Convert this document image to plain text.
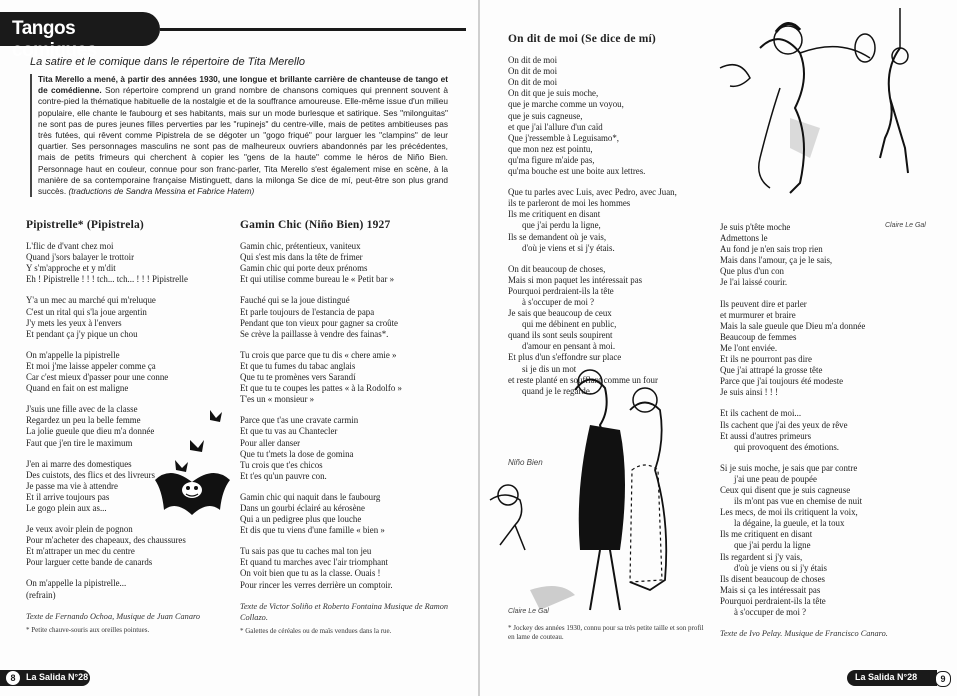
Tangos comiques
La satire et le comique dans le répertoire de Tita Merello
Tita Merello a mené, à partir des années 1930, une longue et brillante carrière de chanteuse de tango et de comédienne. Son répertoire comprend un grand nombre de chansons comiques qui prennent souvent à contre-pied la thématique habituelle de la nostalgie et de la souffrance amoureuse. Elle-même issue d'un milieu populaire, elle chante le faubourg et ses habitants, mais sur un mode burlesque et satirique. Ses "milonguitas" ne sont pas de pures jeunes filles perverties par les "rupinejs" du centre-ville, mais de petites ambitieuses pas très futées, qui rêvent comme Pipistrela de se dégoter un "gogo friqué" pour larguer les "clampins" de leur quartier. Ses personnages masculins ne sont pas de malheureux ouvriers abandonnés par les précédentes, mais de petits frimeurs qui cherchent à copier les "gens de la haute" comme le héros de Niño Bien. Personnage haut en couleur, connue pour son franc-parler, Tita Merello s'est également mise en scène, à la manière de sa contemporaine française Mistinguett, dans la milonga Se dice de mí, peut-être son plus grand succès. (traductions de Sandra Messina et Fabrice Hatem)
Pipistrelle* (Pipistrela)
L'flic de d'vant chez moi
Quand j'sors balayer le trottoir
Y s'm'approche et y m'dit
Eh ! Pipistrelle ! ! ! tch... tch... ! ! ! Pipistrelle
Y'a un mec au marché qui m'reluque
C'est un rital qui s'la joue argentin
J'y mets les yeux à l'envers
Et pendant ça j'y pique un chou
On m'appelle la pipistrelle
Et moi j'me laisse appeler comme ça
Car c'est mieux d'passer pour une conne
Quand en fait on est maligne
J'suis une fille avec de la classe
Regardez un peu la belle femme
La jolie gueule que dieu m'a donnée
Faut que j'en tire le maximum
J'en ai marre des domestiques
Des cuistots, des flics et des livreurs
Je passe ma vie à attendre
Et il arrive toujours pas
Le gogo plein aux as...
Je veux avoir plein de pognon
Pour m'acheter des chapeaux, des chaussures
Et m'attraper un mec du centre
Pour larguer cette bande de canards
On m'appelle la pipistrelle...
(refrain)
Texte de Fernando Ochoa, Musique de Juan Canaro
* Petite chauve-souris aux oreilles pointues.
Gamin Chic (Niño Bien) 1927
Gamin chic, prétentieux, vaniteux
Qui s'est mis dans la tête de frimer
Gamin chic qui porte deux prénoms
Et qui utilise comme bureau le « Petit bar »
Fauché qui se la joue distingué
Et parle toujours de l'estancia de papa
Pendant que ton vieux pour gagner sa croûte
Se crève la paillasse à vendre des fainas*.
Tu crois que parce que tu dis « chere amie »
Et que tu fumes du tabac anglais
Que tu te promènes vers Sarandí
Et que tu te coupes les pattes « à la Rodolfo »
T'es un « monsieur »
Parce que t'as une cravate carmin
Et que tu vas au Chantecler
Pour aller danser
Que tu t'mets la dose de gomina
Tu crois que t'es chicos
Et t'es qu'un pauvre con.
Gamin chic qui naquit dans le faubourg
Dans un gourbi éclairé au kérosène
Qui a un pedigree plus que louche
Et dis que tu viens d'une famille « bien »
Tu sais pas que tu caches mal ton jeu
Et quand tu marches avec l'air triomphant
On voit bien que tu as la classe. Ouais !
Pour rincer les verres derrière un comptoir.
Texte de Victor Soliño et Roberto Fontaina Musique de Ramon Collazo.
* Galettes de céréales ou de maïs vendues dans la rue.
8	La Salida N°28
On dit de moi (Se dice de mí)
On dit de moi
On dit de moi
On dit de moi
On dit que je suis moche,
que je marche comme un voyou,
que je suis cagneuse,
et que j'ai l'allure d'un caïd
Que j'ressemble à Leguisamo*,
que mon nez est pointu,
qu'ma figure m'aide pas,
qu'ma bouche est une boite aux lettres.
Que tu parles avec Luis, avec Pedro, avec Juan,
ils te parleront de moi les hommes
Ils me critiquent en disant
que j'ai perdu la ligne,
Ils se demandent où je vais,
d'où je viens et si j'y étais.
On dit beaucoup de choses,
Mais si mon paquet les intéressait pas
Pourquoi perdraient-ils la tête
à s'occuper de moi ?
Je sais que beaucoup de ceux
qui me débinent en public,
quand ils sont seuls soupirent
d'amour en pensant à moi.
Et plus d'un s'effondre sur place
si je dis un mot
et reste planté en soufflant comme un four
quand je le regarde.
Je suis p'tête moche
Admettons le
Au fond je n'en sais trop rien
Mais dans l'amour, ça je le sais,
Que plus d'un con
Je l'ai laissé courir.
Ils peuvent dire et parler
et murmurer et braire
Mais la sale gueule que Dieu m'a donnée
Beaucoup de femmes
Me l'ont enviée.
Et ils ne pourront pas dire
Que j'ai attrapé la grosse tête
Parce que j'ai toujours été modeste
Je suis ainsi ! ! !
Et ils cachent de moi...
Ils cachent que j'ai des yeux de rêve
Et aussi d'autres primeurs
qui provoquent des émotions.
Si je suis moche, je sais que par contre
j'ai une peau de poupée
Ceux qui disent que je suis cagneuse
ils m'ont pas vue en chemise de nuit
Les mecs, de moi ils critiquent la voix,
la dégaine, la gueule, et la toux
Ils me critiquent en disant
que j'ai perdu la ligne
Ils regardent si j'y vais,
d'où je viens ou si j'y étais
Ils disent beaucoup de choses
Mais si ça les intéressait pas
Pourquoi perdraient-ils la tête
à s'occuper de moi ?
Texte de Ivo Pelay. Musique de Francisco Canaro.
Claire Le Gal
Niño Bien
Claire Le Gal
* Jockey des années 1930, connu pour sa très petite taille et son profil en lame de couteau.
La Salida N°28	9
